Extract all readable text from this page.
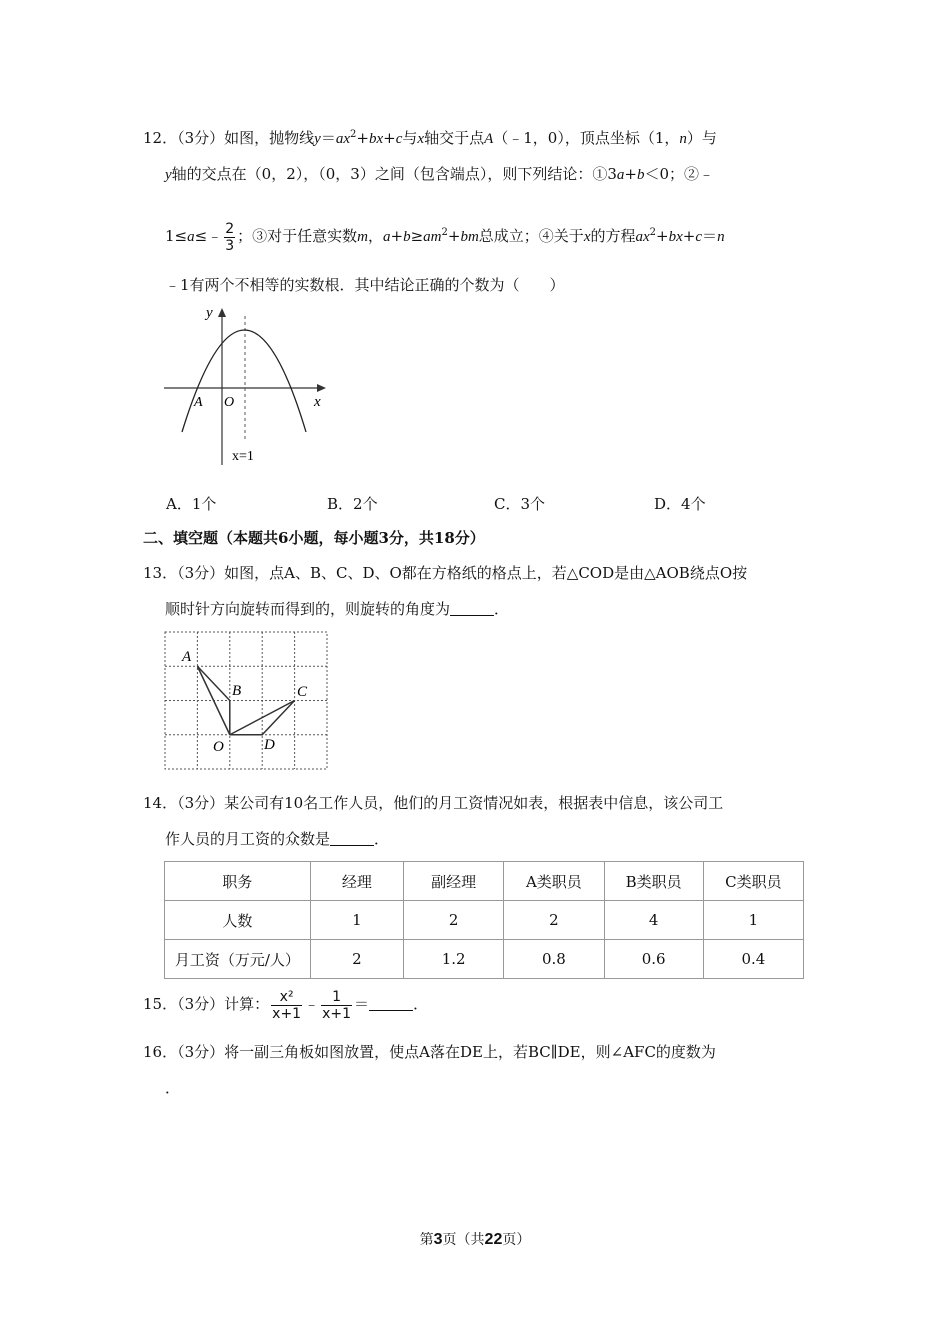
12．（3分）如图，抛物线$y=ax^2+bx+c$与x轴交于点A（﹣1，0），顶点坐标（1，n）与
y轴的交点在（0，2），（0，3）之间（包含端点），则下列结论：①3a+b＜0；②﹣
1≤a≤﹣ $\frac{2}{3}$ ；③对于任意实数m，$a+b\ge am^2+bm$总成立；④关于x的方程$ax^2+bx+c=n$
﹣1有两个不相等的实数根．其中结论正确的个数为（　　）
y
x
A O
x=1
A．1个	B．2个	C．3个	D．4个
二、填空题（本题共6小题，每小题3分，共18分）
13．（3分）如图，点A、B、C、D、O都在方格纸的格点上，若△COD是由△AOB绕点O按
顺时针方向旋转而得到的，则旋转的角度为	．
A
B	C
O	D
14．（3分）某公司有10名工作人员，他们的月工资情况如表，根据表中信息，该公司工
作人员的月工资的众数是	．
职务	经理	副经理	A类职员	B类职员	C类职员
人数	1	2	2	4	1
月工资（万元/人）	2	1.2	0.8	0.6	0.4
15．（3分）计算： $\frac{\text{x²}}{x+1}$ ﹣ $\frac{1}{x+1}$ ＝	．
16．（3分）将一副三角板如图放置，使点A落在DE上，若BC∥DE，则∠AFC的度数为
．
第3页（共22页）
